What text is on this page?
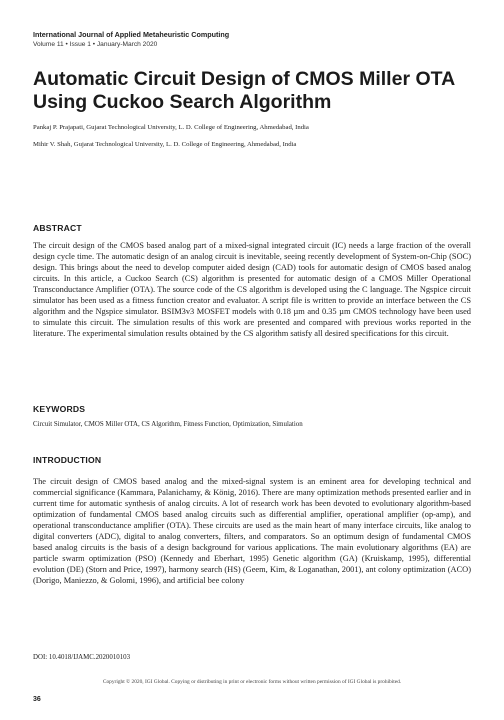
International Journal of Applied Metaheuristic Computing
Volume 11 • Issue 1 • January-March 2020
Automatic Circuit Design of CMOS Miller OTA Using Cuckoo Search Algorithm
Pankaj P. Prajapati, Gujarat Technological University, L. D. College of Engineering, Ahmedabad, India
Mihir V. Shah, Gujarat Technological University, L. D. College of Engineering, Ahmedabad, India
ABSTRACT

The circuit design of the CMOS based analog part of a mixed-signal integrated circuit (IC) needs a large fraction of the overall design cycle time. The automatic design of an analog circuit is inevitable, seeing recently development of System-on-Chip (SOC) design. This brings about the need to develop computer aided design (CAD) tools for automatic design of CMOS based analog circuits. In this article, a Cuckoo Search (CS) algorithm is presented for automatic design of a CMOS Miller Operational Transconductance Amplifier (OTA). The source code of the CS algorithm is developed using the C language. The Ngspice circuit simulator has been used as a fitness function creator and evaluator. A script file is written to provide an interface between the CS algorithm and the Ngspice simulator. BSIM3v3 MOSFET models with 0.18 µm and 0.35 µm CMOS technology have been used to simulate this circuit. The simulation results of this work are presented and compared with previous works reported in the literature. The experimental simulation results obtained by the CS algorithm satisfy all desired specifications for this circuit.

KEYWORDS
Circuit Simulator, CMOS Miller OTA, CS Algorithm, Fitness Function, Optimization, Simulation
INTRODUCTION

The circuit design of CMOS based analog and the mixed-signal system is an eminent area for developing technical and commercial significance (Kammara, Palanichamy, & König, 2016). There are many optimization methods presented earlier and in current time for automatic synthesis of analog circuits. A lot of research work has been devoted to evolutionary algorithm-based optimization of fundamental CMOS based analog circuits such as differential amplifier, operational amplifier (op-amp), and operational transconductance amplifier (OTA). These circuits are used as the main heart of many interface circuits, like analog to digital converters (ADC), digital to analog converters, filters, and comparators. So an optimum design of fundamental CMOS based analog circuits is the basis of a design background for various applications. The main evolutionary algorithms (EA) are particle swarm optimization (PSO) (Kennedy and Eberhart, 1995) Genetic algorithm (GA) (Kruiskamp, 1995), differential evolution (DE) (Storn and Price, 1997), harmony search (HS) (Geem, Kim, & Loganathan, 2001), ant colony optimization (ACO) (Dorigo, Maniezzo, & Golomi, 1996), and artificial bee colony

DOI: 10.4018/IJAMC.2020010103
Copyright © 2020, IGI Global. Copying or distributing in print or electronic forms without written permission of IGI Global is prohibited.
36
